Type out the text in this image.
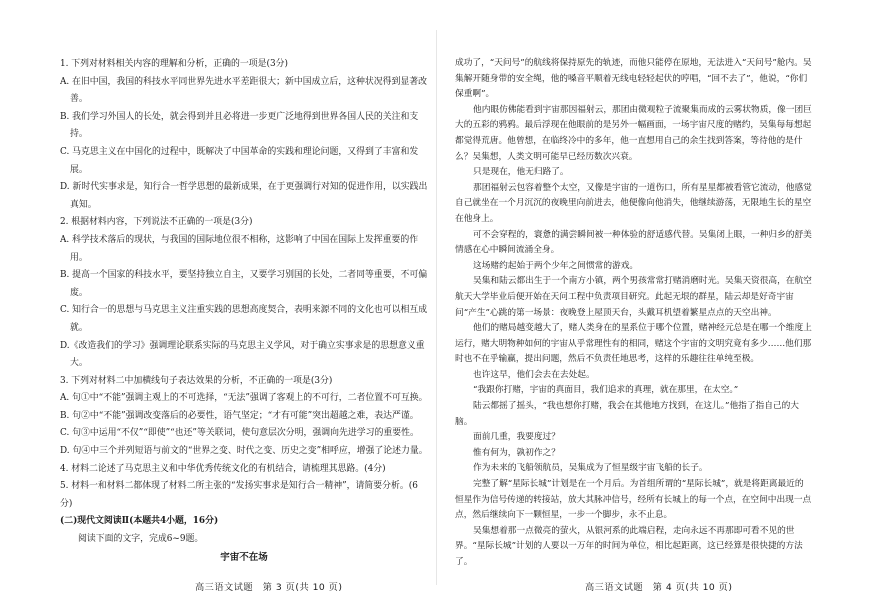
1. 下列对材料相关内容的理解和分析，正确的一项是(3分)

A. 在旧中国，我国的科技水平同世界先进水平差距很大；新中国成立后，这种状况得到显著改善。

B. 我们学习外国人的长处，就会得到并且必将进一步更广泛地得到世界各国人民的关注和支持。

C. 马克思主义在中国化的过程中，既解决了中国革命的实践和理论问题，又得到了丰富和发展。

D. 新时代实事求是，知行合一哲学思想的最新成果，在于更强调行对知的促进作用，以实践出真知。

2. 根据材料内容，下列说法不正确的一项是(3分)

A. 科学技术落后的现状，与我国的国际地位很不相称，这影响了中国在国际上发挥重要的作用。

B. 提高一个国家的科技水平，要坚持独立自主，又要学习别国的长处，二者同等重要，不可偏废。

C. 知行合一的思想与马克思主义注重实践的思想高度契合，表明来源不同的文化也可以相互成就。

D.《改造我们的学习》强调理论联系实际的马克思主义学风，对于确立实事求是的思想意义重大。

3. 下列对材料二中加横线句子表达效果的分析，不正确的一项是(3分)

A. 句①中“不能”强调主观上的不可选择，“无法”强调了客观上的不可行，二者位置不可互换。

B. 句②中“不能”强调改变落后的必要性，语气坚定；“才有可能”突出超越之难，表达严谨。

C. 句③中运用“不仅”“即使”“也还”等关联词，使句意层次分明，强调向先进学习的重要性。

D. 句④中三个并列短语与前文的“世界之变、时代之变、历史之变”相呼应，增强了论述力量。

4. 材料二论述了马克思主义和中华优秀传统文化的有机结合，请梳理其思路。(4分)

5. 材料一和材料二都体现了材料二所主张的“发扬实事求是知行合一精神”，请简要分析。(6分)

(二)现代文阅读Ⅱ(本题共4小题，16分)

阅读下面的文字，完成6~9题。

宇宙不在场

成功了，“天问号”的航线将保持原先的轨迹，而他只能停在原地，无法进入“天问号”舱内。吴集解开随身带的安全绳，他的嗓音平顺着无线电轻轻起伏的哼唱，“回不去了”，他说，“你们保重啊”。

他内眼仿佛能看到宇宙那因福射云，那团由微观粒子流聚集而成的云雾状物质，像一团巨大的五彩的鸦鸦。最后浮现在他眼前的是另外一幅画面，一场宇宙尺度的赌约，吴集每每想起都觉得荒唐。他曾想，在临终冷中的多年，他一直想用自己的余生找到答案，等待他的是什么？吴集想，人类文明可能早已经历数次兴衰。

只是现在，他无归路了。

那团福射云包容着整个太空，又像是宇宙的一道伤口，所有星星都被看管它流动，他感觉自己就坐在一个月沉沉的夜晚里向前进去，他便像向他消失，他继续游荡，无限地生长的星空在他身上。

可不会穿程的，寰惫的满尝瞬间被一种体验的舒适感代替。吴集闭上眼，一种归乡的舒美情感在心中瞬间流涌全身。

这场赌约起始于两个少年之间惯常的游戏。

吴集和陆云都出生于一个南方小镇，两个男孩常常打赌消磨时光。吴集天资很高，在航空航天大学毕业后便开始在天问工程中负责项目研究。此起无垠的群星，陆云却是好奇宇宙问“产生”心跳的第一场景：夜晚登上屋顶天台，头戴耳机望着繁星点点的天空出神。

他们的赌局越变越大了，赌人类身在的星系位于哪个位置，赌神经元总是在哪一个维度上运行，赌大明物种如何的宇宙从乎常理性有的相同，赌这个宇宙的文明究竟有多少……他们那时也不在乎输赢，提出问题，然后不负责任地思考，这样的乐趣往往单纯至极。

也许这早，他们会去在去处起。

“我跟你打赌，宇宙的真面目，我们追求的真理，就在那里，在太空。”

陆云都摇了摇头，“我也想你打赌，我会在其他地方找到，在这儿。”他指了指自己的大脑。

面前几重，我要度过？

惟有何为，孰初作之？

作为未来的飞船领航员，吴集成为了恒星级宇宙飞船的长子。

完整了解“星际长城”计划是在一个月后。为首组所谓的“星际长城”，就是将距离最近的恒星作为信号传递的转接站，放大其脉冲信号，经所有长城上的每一个点，在空间中出现一点点，然后继续向下一颗恒星，一步一个脚步，永不止息。

吴集想着那一点微亮的萤火，从银河系的此端启程，走向永远不再那即可看不见的世界。“星际长城”计划的人要以一万年的时间为单位，相比起距离，这已经算是很快捷的方法了。

高三语文试题　第 3 页(共 10 页)	高三语文试题　第 4 页(共 10 页)
